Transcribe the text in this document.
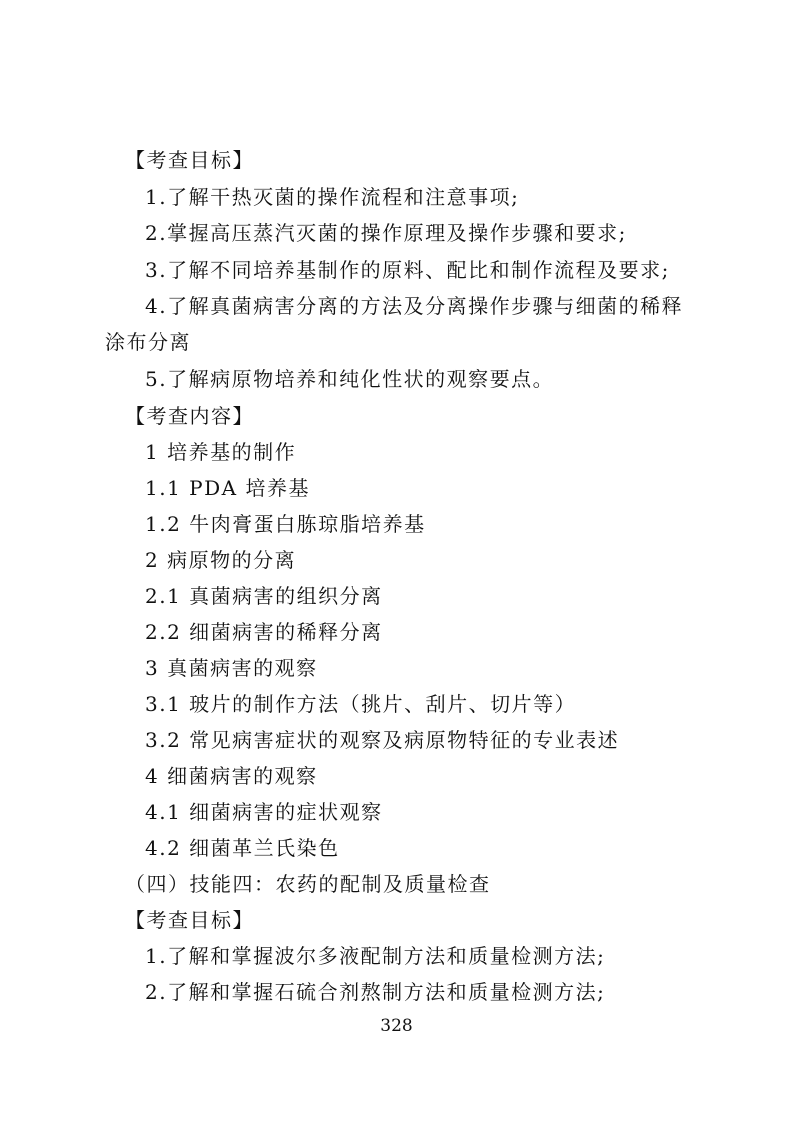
【考查目标】
1.了解干热灭菌的操作流程和注意事项;
2.掌握高压蒸汽灭菌的操作原理及操作步骤和要求;
3.了解不同培养基制作的原料、配比和制作流程及要求;
4.了解真菌病害分离的方法及分离操作步骤与细菌的稀释
涂布分离
5.了解病原物培养和纯化性状的观察要点。
【考查内容】
1 培养基的制作
1.1 PDA 培养基
1.2 牛肉膏蛋白胨琼脂培养基
2 病原物的分离
2.1 真菌病害的组织分离
2.2 细菌病害的稀释分离
3 真菌病害的观察
3.1 玻片的制作方法（挑片、刮片、切片等）
3.2 常见病害症状的观察及病原物特征的专业表述
4 细菌病害的观察
4.1 细菌病害的症状观察
4.2 细菌革兰氏染色
（四）技能四：农药的配制及质量检查
【考查目标】
1.了解和掌握波尔多液配制方法和质量检测方法;
2.了解和掌握石硫合剂熬制方法和质量检测方法;
328
